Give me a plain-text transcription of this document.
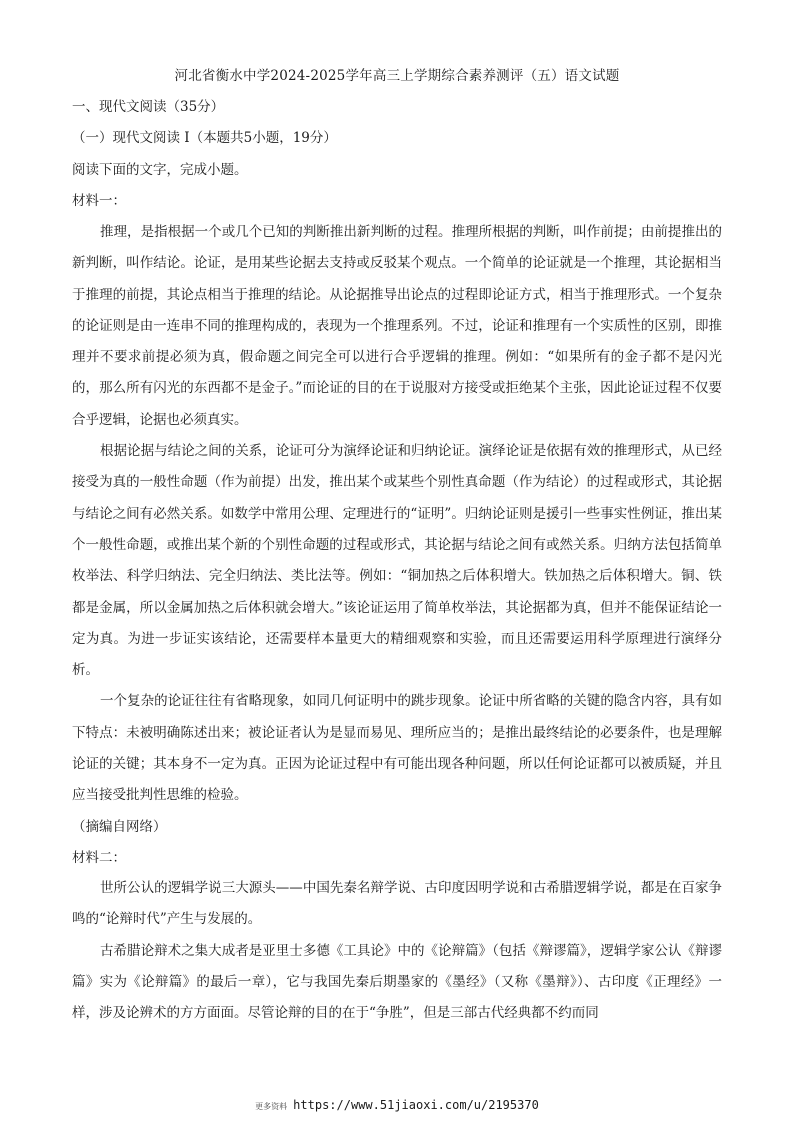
河北省衡水中学2024-2025学年高三上学期综合素养测评（五）语文试题
一、现代文阅读（35分）
（一）现代文阅读 I（本题共5小题，19分）
阅读下面的文字，完成小题。
材料一：

推理，是指根据一个或几个已知的判断推出新判断的过程。推理所根据的判断，叫作前提；由前提推出的新判断，叫作结论。论证，是用某些论据去支持或反驳某个观点。一个简单的论证就是一个推理，其论据相当于推理的前提，其论点相当于推理的结论。从论据推导出论点的过程即论证方式，相当于推理形式。一个复杂的论证则是由一连串不同的推理构成的，表现为一个推理系列。不过，论证和推理有一个实质性的区别，即推理并不要求前提必须为真，假命题之间完全可以进行合乎逻辑的推理。例如：“如果所有的金子都不是闪光的，那么所有闪光的东西都不是金子。”而论证的目的在于说服对方接受或拒绝某个主张，因此论证过程不仅要合乎逻辑，论据也必须真实。

根据论据与结论之间的关系，论证可分为演绎论证和归纳论证。演绎论证是依据有效的推理形式，从已经接受为真的一般性命题（作为前提）出发，推出某个或某些个别性真命题（作为结论）的过程或形式，其论据与结论之间有必然关系。如数学中常用公理、定理进行的“证明”。归纳论证则是援引一些事实性例证，推出某个一般性命题，或推出某个新的个别性命题的过程或形式，其论据与结论之间有或然关系。归纳方法包括简单枚举法、科学归纳法、完全归纳法、类比法等。例如：“铜加热之后体积增大。铁加热之后体积增大。铜、铁都是金属，所以金属加热之后体积就会增大。”该论证运用了简单枚举法，其论据都为真，但并不能保证结论一定为真。为进一步证实该结论，还需要样本量更大的精细观察和实验，而且还需要运用科学原理进行演绎分析。

一个复杂的论证往往有省略现象，如同几何证明中的跳步现象。论证中所省略的关键的隐含内容，具有如下特点：未被明确陈述出来；被论证者认为是显而易见、理所应当的；是推出最终结论的必要条件，也是理解论证的关键；其本身不一定为真。正因为论证过程中有可能出现各种问题，所以任何论证都可以被质疑，并且应当接受批判性思维的检验。

（摘编自网络）
材料二：

世所公认的逻辑学说三大源头——中国先秦名辩学说、古印度因明学说和古希腊逻辑学说，都是在百家争鸣的“论辩时代”产生与发展的。

古希腊论辩术之集大成者是亚里士多德《工具论》中的《论辩篇》（包括《辩谬篇》，逻辑学家公认《辩谬篇》实为《论辩篇》的最后一章），它与我国先秦后期墨家的《墨经》（又称《墨辩》）、古印度《正理经》一样，涉及论辨术的方方面面。尽管论辩的目的在于“争胜”，但是三部古代经典都不约而同

更多资料 https://www.51jiaoxi.com/u/2195370
